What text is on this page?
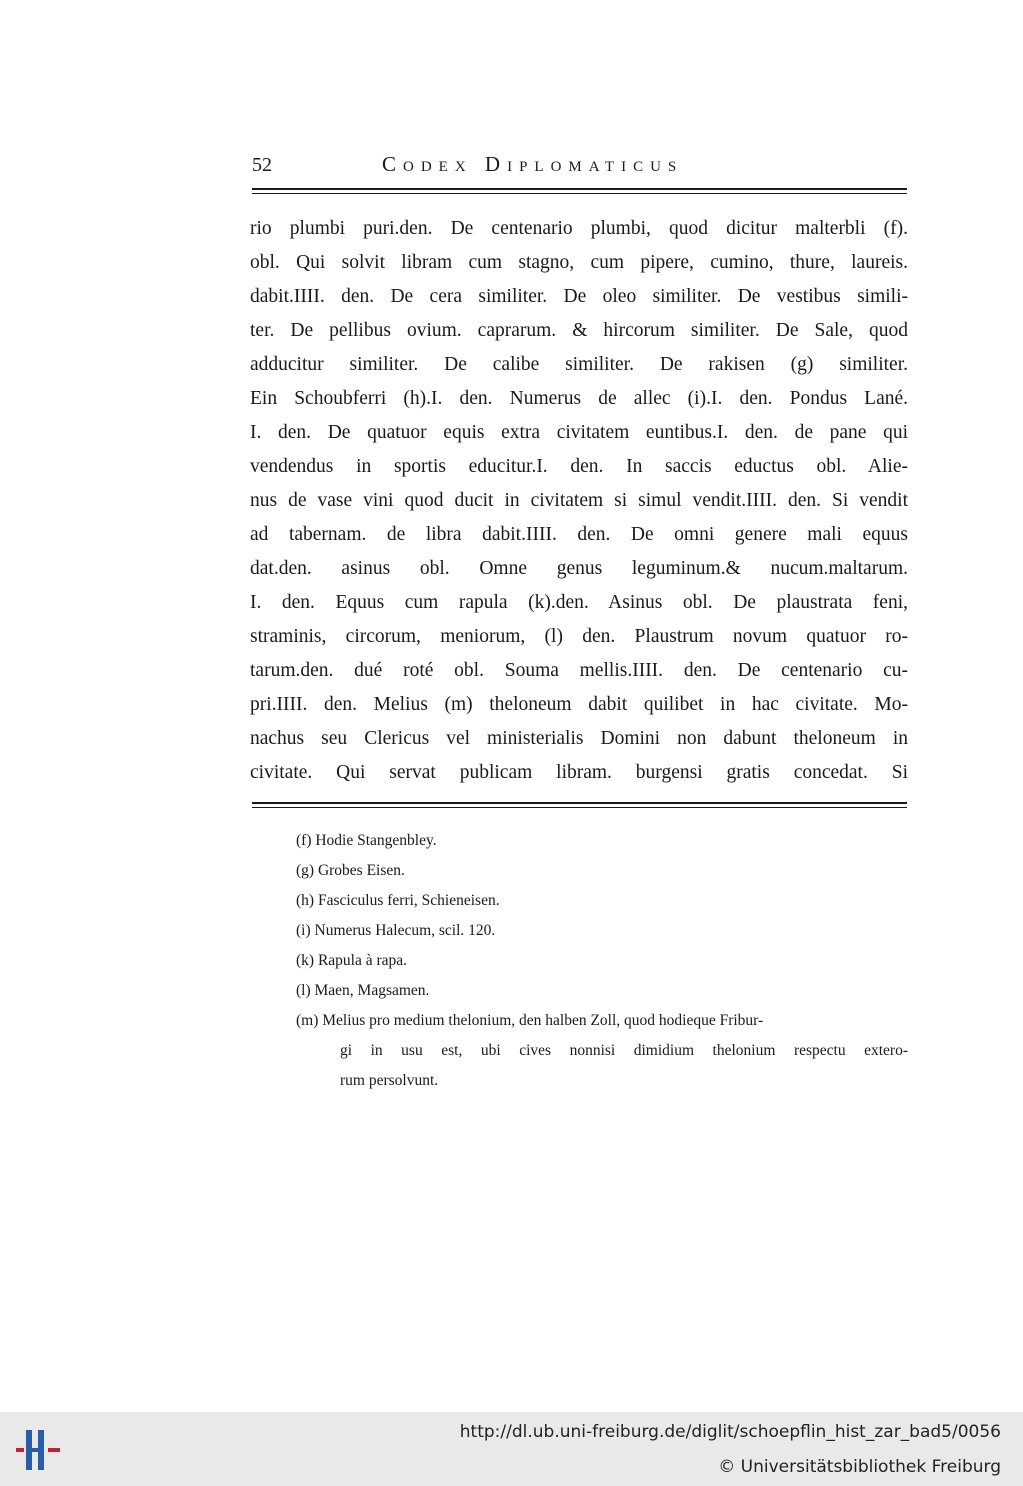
52	Codex Diplomaticus
rio plumbi puri.den. De centenario plumbi, quod dicitur malterbli (f).
obl. Qui solvit libram cum stagno, cum pipere, cumino, thure, laureis.
dabit.IIII. den. De cera similiter. De oleo similiter. De vestibus simili-
ter. De pellibus ovium. caprarum. & hircorum similiter. De Sale, quod
adducitur similiter. De calibe similiter. De rakisen (g) similiter.
Ein Schoubferri (h).I. den. Numerus de allec (i).I. den. Pondus Lané.
I. den. De quatuor equis extra civitatem euntibus.I. den. de pane qui
vendendus in sportis educitur.I. den. In saccis eductus obl. Alie-
nus de vase vini quod ducit in civitatem si simul vendit.IIII. den. Si vendit
ad tabernam. de libra dabit.IIII. den. De omni genere mali equus
dat.den. asinus obl. Omne genus leguminum.& nucum.maltarum.
I. den. Equus cum rapula (k).den. Asinus obl. De plaustrata feni,
straminis, circorum, meniorum, (l) den. Plaustrum novum quatuor ro-
tarum.den. dué roté obl. Souma mellis.IIII. den. De centenario cu-
pri.IIII. den. Melius (m) theloneum dabit quilibet in hac civitate. Mo-
nachus seu Clericus vel ministerialis Domini non dabunt theloneum in
civitate. Qui servat publicam libram. burgensi gratis concedat. Si
(f) Hodie Stangenbley.
(g) Grobes Eisen.
(h) Fasciculus ferri, Schieneisen.
(i) Numerus Halecum, scil. 120.
(k) Rapula à rapa.
(l) Maen, Magsamen.
(m) Melius pro medium thelonium, den halben Zoll, quod hodieque Fribur-
gi in usu est, ubi cives nonnisi dimidium thelonium respectu extero-
rum persolvunt.
http://dl.ub.uni-freiburg.de/diglit/schoepflin_hist_zar_bad5/0056
© Universitätsbibliothek Freiburg
